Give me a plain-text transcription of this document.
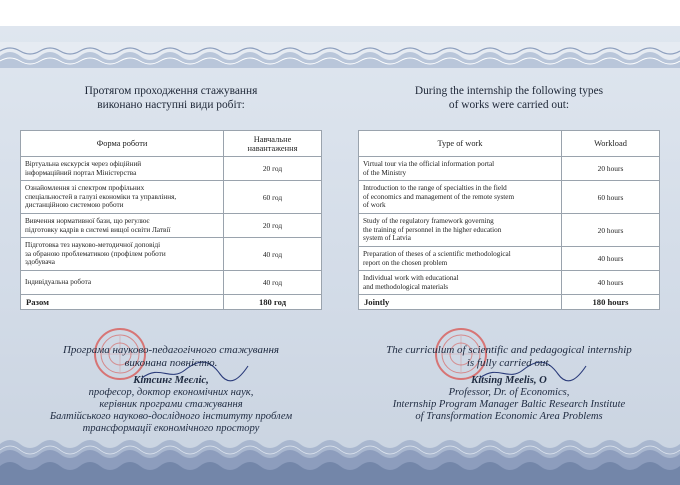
Протягом проходження стажування
виконано наступні види робіт:
Форма роботи	Навчальне навантаження

Віртуальна екскурсія через офіційний
інформаційний портал Міністерства	20 год

Ознайомлення зі спектром профільних
спеціальностей в галузі економіки та управління,
дистанційною системою роботи	60 год

Вивчення нормативної бази, що регулює
підготовку кадрів в системі вищої освіти Латвії	20 год

Підготовка тез науково-методичної доповіді
за обраною проблематикою (профілем роботи
здобувача	40 год

Індивідуальна робота	40 год
Разом	180 год
During the internship the following types
of works were carried out:
Type of work	Workload

Virtual tour via the official information portal
of the Ministry	20 hours

Introduction to the range of specialties in the field
of economics and management of the remote system
of work	60 hours

Study of the regulatory framework governing
the training of personnel in the higher education
system of Latvia	20 hours

Preparation of theses of a scientific methodological
report on the chosen problem	40 hours

Individual work with educational
and methodological materials	40 hours
Jointly	180 hours
Програма науково-педагогічного стажування
виконана повністю.
The curriculum of scientific and pedagogical internship
is fully carried out.
Кітсинг Меєліс,
професор, доктор економічних наук,
керівник програми стажування
Балтійського науково-дослідного інституту проблем
трансформації економічного простору
Kitsing Meelis, O
Professor, Dr. of Economics,
Internship Program Manager Baltic Research Institute
of Transformation Economic Area Problems
